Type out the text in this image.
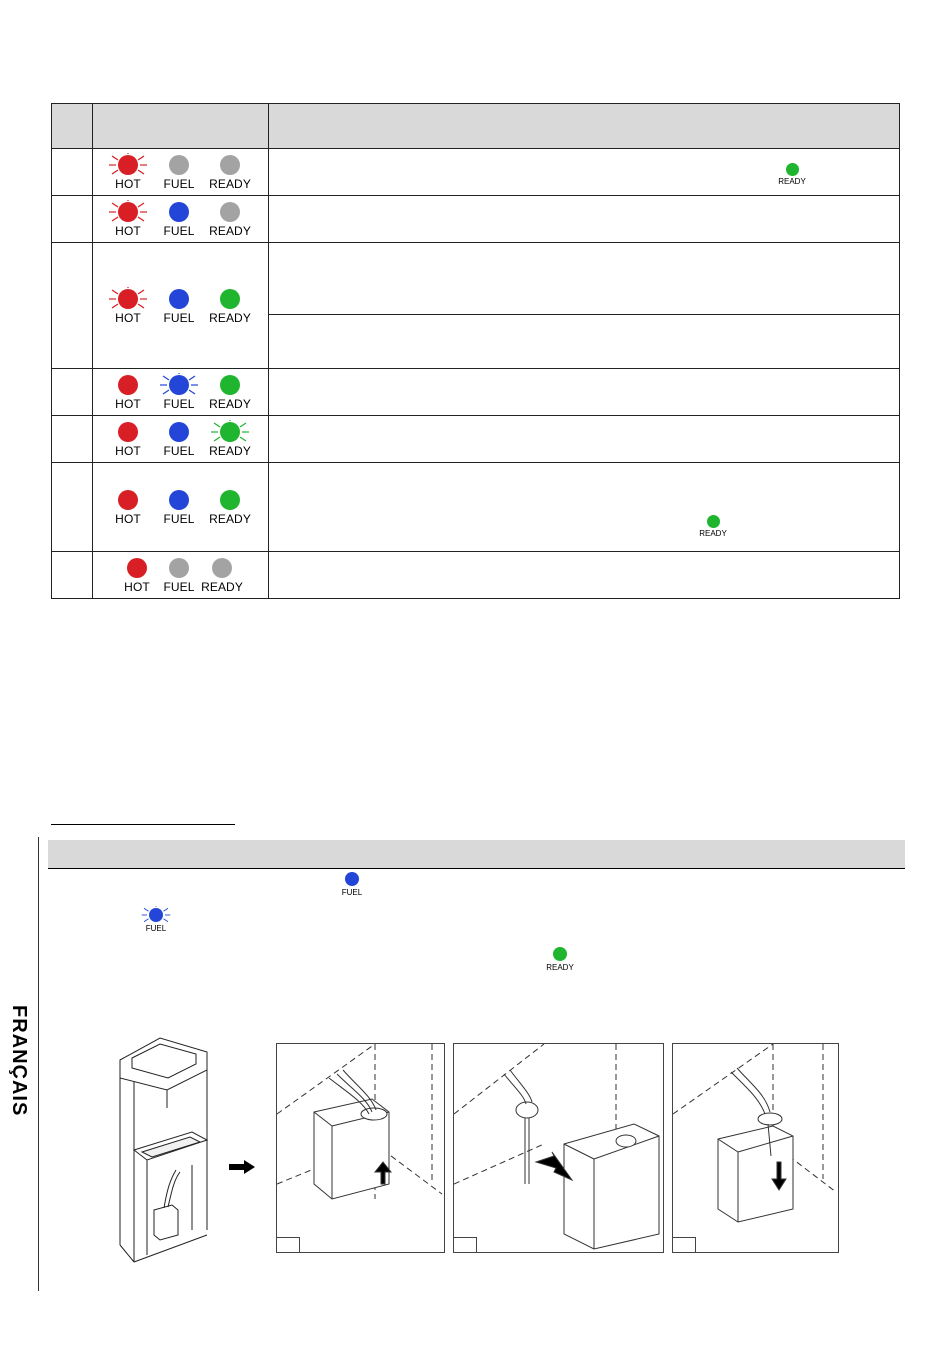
	HOT FUEL READY	READY

	HOT FUEL READY	

	HOT FUEL READY	

	HOT FUEL READY	

	HOT FUEL READY	

	HOT FUEL READY	READY

	HOT FUEL READY	

FRANÇAIS
FUEL
FUEL
READY
